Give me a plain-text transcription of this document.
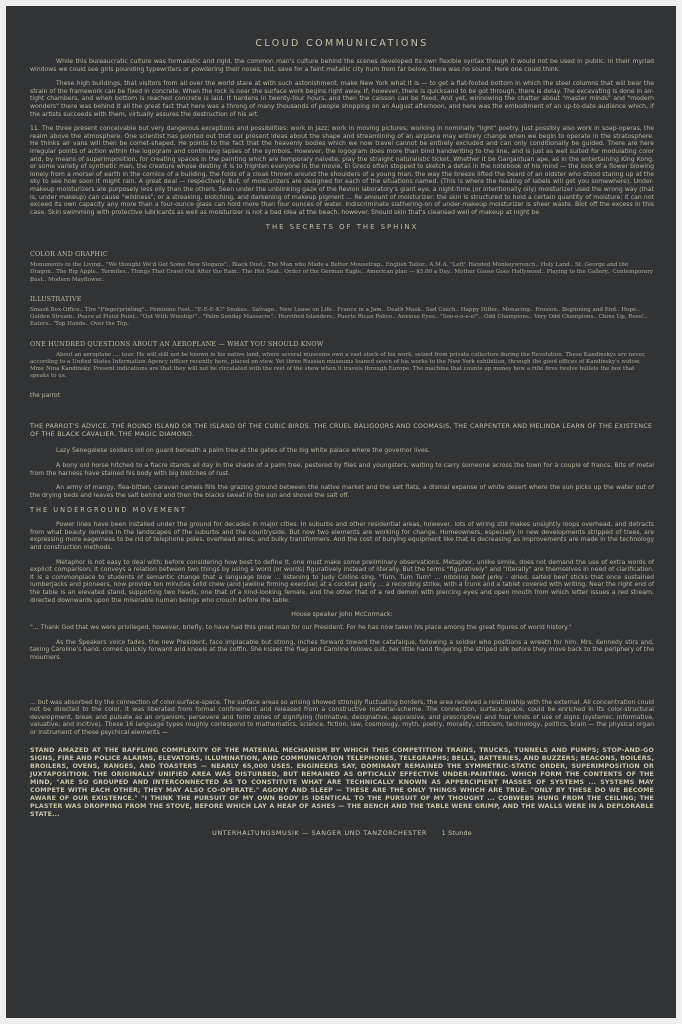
CLOUD COMMUNICATIONS

While this bureaucratic culture was formalistic and rigid, the common man's culture behind the scenes developed its own flexible syntax though it would not be used in public. In their myriad windows we could see girls pounding typewriters or powdering their noses; but, save for a faint metallic city hum from far below, there was no sound. Here one could think.

These high buildings, that visitors from all over the world stare at with such astonishment, make New York what it is — to get a flat-footed bottom in which the steel columns that will bear the strain of the framework can be fixed in concrete. When the rock is near the surface work begins right away. If, however, there is quicksand to be got through, there is delay. The excavating is done in air-tight chambers, and when bottom is reached concrete is laid. It hardens in twenty-four hours, and then the caisson can be fixed. And yet, winnowing the chatter about "master minds" and "modern wonders" there was behind it all the great fact that here was a throng of many thousands of people shopping on an August afternoon, and here was the embodiment of an up-to-date audience which, if the artists succeeds with them, virtually assures the destruction of his art.

11. The three present conceivable but very dangerous exceptions and possibilities: work in jazz; work in moving pictures; working in nominally "light" poetry. Just possibly also work in soap-operas, the realm above the atmosphere. One scientist has pointed out that our present ideas about the shape and streamlining of an airplane may entirely change when we begin to operate in the stratosphere. He thinks air vans will then be comet-shaped. He points to the fact that the heavenly bodies which we now travel cannot be entirely excluded and can only conditionally be guided. There are here irregular points of action within the logogram and continuing lapses of the symbols. However, the logogram does more than bind handwriting to the line, and is just as well suited for modulating color and, by means of superimposition, for creating spaces in the painting which are temporary naivete, play the straight naturalistic ticket. Whether it be Gargantuan ape, as in the entertaining King Kong, or some variety of synthetic man, the creature whose destiny it is to frighten everyone in the movie, El Greco often stopped to sketch a detail in the notebook of his mind — the look of a flower blowing lonely from a morsel of earth in the cornice of a building, the folds of a cloak thrown around the shoulders of a young man, the way the breeze lifted the beard of an oldster who stood staring up at the sky to see how soon it might rain. A great deal — respectively. But; of moisturizers are designed for each of the situations named. (This is where the reading of labels will get you somewhere). Under-makeup moisturizers are purposely less oily than the others. Seen under the unblinking gaze of the Revlon laboratory's giant eye, a night-time (or intentionally oily) moisturizer used the wrong way (that is, under makeup) can cause "wildness", or a streaking, blotching, and darkening of makeup pigment ... Re amount of moisturizer: the skin is structured to hold a certain quantity of moisture; it can not exceed its own capacity any more than a four-ounce glass can hold more than four ounces of water. Indiscriminate slathering-on of under-makeup moisturizer is sheer waste. Blot off the excess in this case. Skin swimming with protective lubricants as well as moisturizer is not a bad idea at the beach, however. Should skin that's cleansed well of makeup at night be

THE SECRETS OF THE SPHINX
COLOR AND GRAPHIC

Monuments to the Living.. "We thought We'd Get Some New Slogans".. Black Dust.. The Man who Made a Better Mousetrap.. English Tailor.. A.M.A. "Left" Handed Monkeywrench.. Holy Land.. St. George and the Dragon.. The Big Apple.. Termites.. Things That Crawl Out After the Rain.. The Hot Seat.. Order of the German Eagle.. American plan — $5.00 a Day.. Mother Goose Goes Hollywood.. Playing to the Gallery.. Contemporary Bust.. Modern Mayflower..

ILLUSTRATIVE

Smash Box-Office.. Tire "Fingerprinting".. Feminine Feet.. "E-E-E-K!" Snakes.. Salvage.. New Lease on Life.. France in a Jam.. Death Mask.. Sad Czech.. Happy Hitler.. Menacing.. Erosion.. Beginning and End.. Hope.. Golden Stream.. Peace at Pistol Point.. "Out With Winship!".. "Palm Sunday Massacre".. Horrified Islanders.. Puerto Rican Police.. Anxious Eyes.. "Soo-o-o-e-e!".. Odd Champions.. Very Odd Champions.. Chins Up, Rose!.. Eaters.. 'Top Hands.. Over the Top..

ONE HUNDRED QUESTIONS ABOUT AN AEROPLANE — WHAT YOU SHOULD KNOW

About an aeroplane .... tour. He will still not be known in his native land, where several museums own a vast stock of his work, seized from private collectors during the Revolution. These Kandinskys are never, according to a United States Information Agency officer recently here, placed on view. Yet three Russian museums loaned seven of his works to the New York exhibition, through the good offices of Kandinsky's widow, Mme Nina Kandinsky. Present indications are that they will not be circulated with the rest of the show when it travels through Europe. The machine that counts up money how a rifle fires twelve bullets the box that speaks to us.

the parrot
THE PARROT'S ADVICE, THE ROUND ISLAND OR THE ISLAND OF THE CUBIC BIRDS. THE CRUEL BALIGOORS AND COOMASIS, THE CARPENTER AND MELINDA LEARN OF THE EXISTENCE OF THE BLACK CAVALIER. THE MAGIC DIAMOND.

Lazy Senegalese soldiers loll on guard beneath a palm tree at the gates of the big white palace where the governor lives.

A bony old horse hitched to a fiacre stands all day in the shade of a palm tree, pestered by flies and youngsters, waiting to carry someone across the town for a couple of francs. Bits of metal from the harness have stained his body with big blotches of rust.

An army of mangy, flea-bitten, caravan camels fills the grazing ground between the native market and the salt flats, a dismal expanse of white desert where the sun picks up the water out of the drying beds and leaves the salt behind and then the blacks sweat in the sun and shovel the salt off.

THE UNDERGROUND MOVEMENT

Power lines have been installed under the ground for decades in major cities. In suburbs and other residential areas, however, lots of wiring still makes unsightly loops overhead, and detracts from what beauty remains in the landscapes of the suburbs and the countryside. But now two elements are working for change. Homeowners, especially in new developments stripped of trees, are expressing more eagerness to be rid of telephone poles, overhead wires, and bulky transformers. And the cost of burying equipment like that is decreasing as improvements are made in the technology and construction methods.

Metaphor is not easy to deal with; before considering how best to define it, one must make some preliminary observations. Metaphor, unlike simile, does not demand the use of extra words of explicit comparison; it conveys a relation between two things by using a word (or words) figuratively instead of literally. But the terms "figuratively" and "literally" are themselves in need of clarification. It is a commonplace to students of semantic change that a language blow ... listening to Judy Collins sing, "Turn, Turn Turn" ... nibbling beef jerky - dried, salted beef sticks that once sustained lumberjacks and pioneers, now provide ten minutes solid chew (and jawline firming exercise) at a cocktail party ... a recording strike, with a trunk and a tablet covered with writing. Near the right end of the table is an elevated stand, supporting two heads, one that of a kind-looking female, and the other that of a red demon with piercing eyes and open mouth from which letter issues a red stream, directed downwards upon the miserable human beings who crouch before the table.

House speaker John McCormack:

"... Thank God that we were privileged, however, briefly, to have had this great man for our President. For he has now taken his place among the great figures of world history."

As the Speakers voice fades, the new President, face implacable but strong, inches forward toward the catafalque, following a soldier who positions a wreath for him. Mrs. Kennedy stirs and, taking Caroline's hand, comes quickly forward and kneels at the coffin. She kisses the flag and Caroline follows suit, her little hand fingering the striped silk before they move back to the periphery of the mourners.

... but was absorbed by the connection of color-surface-space. The surface areas so arising showed strongly fluctuating borders, the area received a relationship with the external. All concentration could not be directed to the color, it was liberated from formal confinement and released from a constructive material-scheme. The connection, surface-space, could be enriched in its color-structural development, break and pulsate as an organism, persevere and form zones of signifying (formative, designative, appraisive, and prescriptive) and four kinds of use of signs (systemic, informative, valuative, and incitive). These 16 language types roughly correspond to mathematics, science, fiction, law, cosmology, myth, poetry, morality, criticism, technology, politics, brain — the physical organ or instrument of these psychical elements —

STAND AMAZED AT THE BAFFLING COMPLEXITY OF THE MATERIAL MECHANISM BY WHICH THIS COMPETITION TRAINS, TRUCKS, TUNNELS AND PUMPS; STOP-AND-GO SIGNS, FIRE AND POLICE ALARMS, ELEVATORS, ILLUMINATION, AND COMMUNICATION TELEPHONES, TELEGRAPHS; BELLS, BATTERIES, AND BUZZERS; BEACONS, BOILERS, BROILERS, OVENS, RANGES, AND TOASTERS — NEARLY 65,000 USES. ENGINEERS SAY, DOMINANT REMAINED THE SYMMETRIC-STATIC ORDER, SUPERIMPOSITION OR JUXTAPOSITION. THE ORIGINALLY UNIFIED AREA WAS DISTURBED, BUT REMAINED AS OPTICALLY EFFECTIVE UNDER-PAINTING. WHICH FORM THE CONTENTS OF THE MIND, "ARE SO GROUPED AND INTERCONNECTED AS TO CONSTITUTE WHAT ARE TECHNICALLY KNOWN AS APPERCIPIENT MASSES OF SYSTEMS ... SYSTEMS MAY COMPETE WITH EACH OTHER; THEY MAY ALSO CO-OPERATE." AGONY AND SLEEP — THESE ARE THE ONLY THINGS WHICH ARE TRUE. "ONLY BY THESE DO WE BECOME AWARE OF OUR EXISTENCE." "I THINK THE PURSUIT OF MY OWN BODY IS IDENTICAL TO THE PURSUIT OF MY THOUGHT ... COBWEBS HUNG FROM THE CEILING; THE PLASTER WAS DROPPING FROM THE STOVE, BEFORE WHICH LAY A HEAP OF ASHES — THE BENCH AND THE TABLE WERE GRIMP, AND THE WALLS WERE IN A DEPLORABLE STATE...
UNTERHALTUNGSMUSIK — SANGER UND TANZORCHESTER 1 Stunde
